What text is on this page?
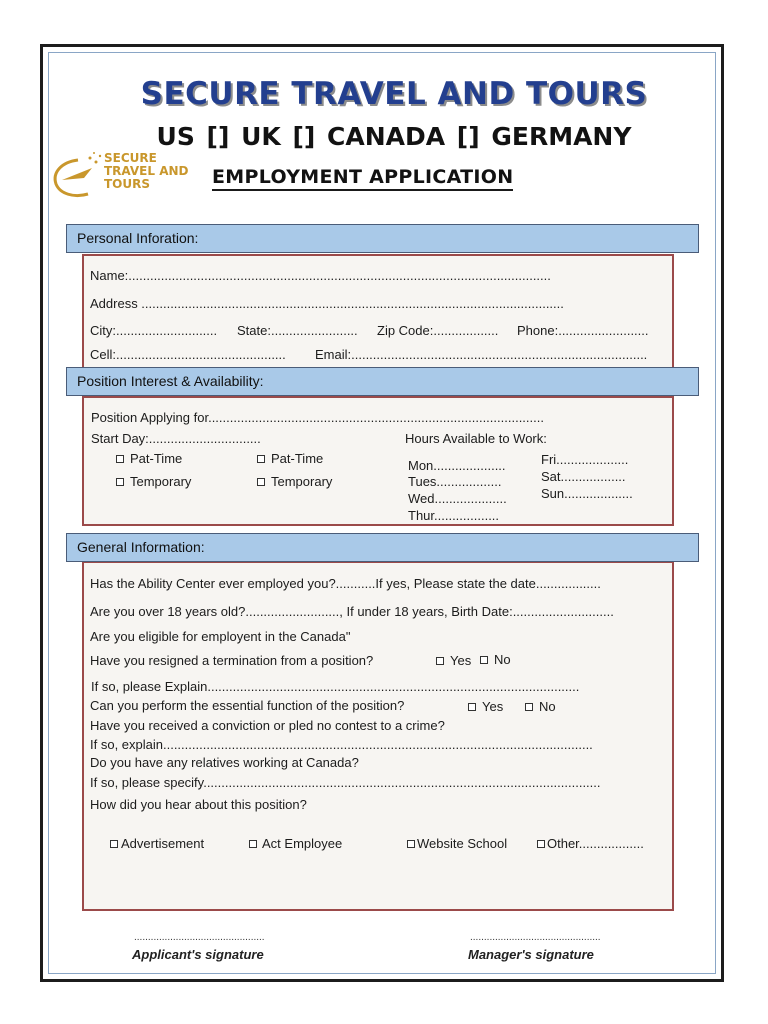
SECURE TRAVEL AND TOURS
US [] UK [] CANADA [] GERMANY
SECURE
TRAVEL AND
TOURS	EMPLOYMENT APPLICATION
Personal Inforation:
Name:.....................................................................................................................
Address .....................................................................................................................
City:............................ State:........................ Zip Code:.................. Phone:.........................
Cell:............................................... Email:..................................................................................
Position Interest & Availability:
Position Applying for.............................................................................................
Start Day:...............................	Hours Available to Work:
Pat-Time
Temporary
Pat-Time
Temporary
Mon....................
Tues..................
Wed....................
Thur..................
Fri....................
Sat..................
Sun...................
General Information:
Has the Ability Center ever employed you?...........If yes, Please state the date..................
Are you over 18 years old?.........................., If under 18 years, Birth Date:............................
Are you eligible for employent in the Canada"
Have you resigned a termination from a position?	Yes	No
If so, please Explain.......................................................................................................
Can you perform the essential function of the position?	Yes	No
Have you received a conviction or pled no contest to a crime?
If so, explain.......................................................................................................................
Do you have any relatives working at Canada?
If so, please specify..............................................................................................................
How did you hear about this position?
Advertisement	Act Employee	Website School	Other..................
...............................................
Applicant's signature
...............................................
Manager's signature
